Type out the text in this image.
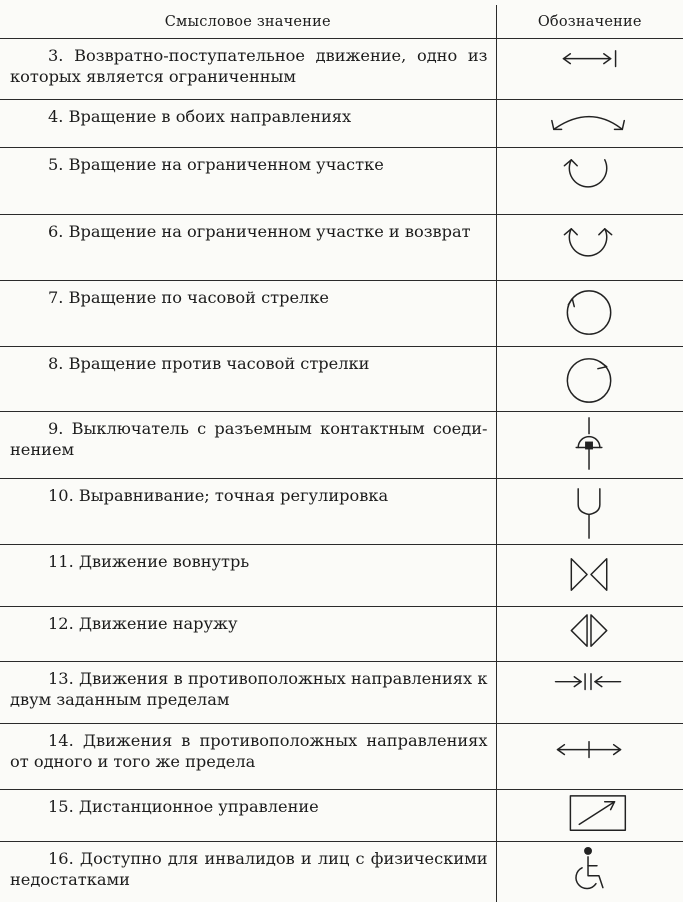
Смысловое значение	Обозначение

3. Возвратно-поступательное движение, одно из которых является ограниченным

4. Вращение в обоих направлениях

5. Вращение на ограниченном участке

6. Вращение на ограниченном участке и возврат

7. Вращение по часовой стрелке

8. Вращение против часовой стрелки

9. Выключатель с разъемным контактным соеди-нением

10. Выравнивание; точная регулировка

11. Движение вовнутрь

12. Движение наружу

13. Движения в противоположных направлениях к двум заданным пределам

14. Движения в противоположных направлениях от одного и того же предела

15. Дистанционное управление

16. Доступно для инвалидов и лиц с физическими недостатками
